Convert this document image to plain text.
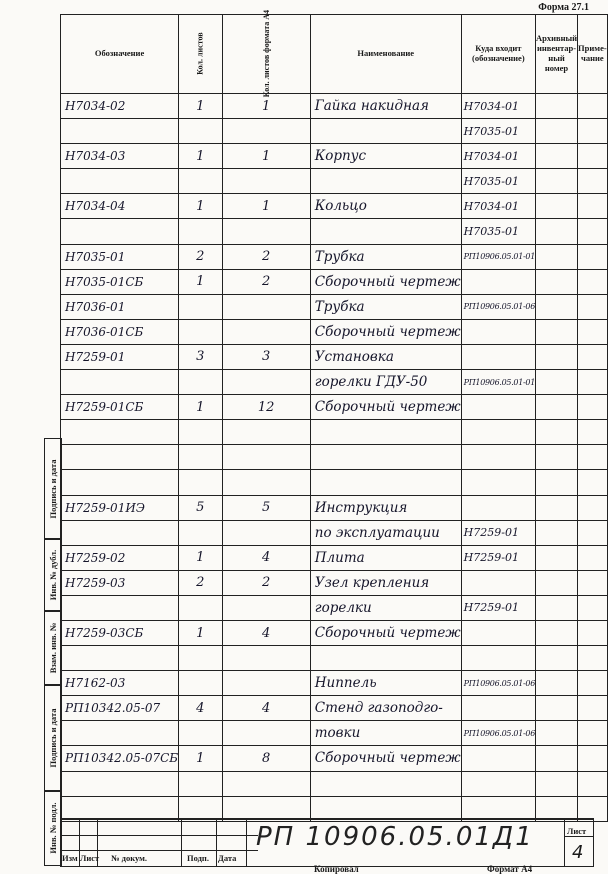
Форма 27.1
Подпись и дата
Инв. № дубл.
Взам. инв. №
Подпись и дата
Инв. № подл.
Обозначение	Кол. листов	Кол. листов формата А4	Наименование	Куда входит (обозначение)	Архивный инвентар-ный номер	Приме-чание
Н7034-02	1	1	Гайка накидная	Н7034-01		
				Н7035-01		
Н7034-03	1	1	Корпус	Н7034-01		
				Н7035-01		
Н7034-04	1	1	Кольцо	Н7034-01		
				Н7035-01		
Н7035-01	2	2	Трубка	РП10906.05.01-01		
Н7035-01СБ	1	2	Сборочный чертеж			
Н7036-01			Трубка	РП10906.05.01-06		
Н7036-01СБ			Сборочный чертеж			
Н7259-01	3	3	Установка			
			горелки ГДУ-50	РП10906.05.01-01		
Н7259-01СБ	1	12	Сборочный чертеж			

Н7259-01ИЭ	5	5	Инструкция			
			по эксплуатации	Н7259-01		
Н7259-02	1	4	Плита	Н7259-01		
Н7259-03	2	2	Узел крепления			
			горелки	Н7259-01		
Н7259-03СБ	1	4	Сборочный чертеж			

Н7162-03			Ниппель	РП10906.05.01-06		
РП10342.05-07	4	4	Стенд газоподго-			
			товки	РП10906.05.01-06		
РП10342.05-07СБ	1	8	Сборочный чертеж			

Изм Лист № докум.	Подп. Дата
РП 10906.05.01Д1	Лист
4
Копировал	Формат А4
